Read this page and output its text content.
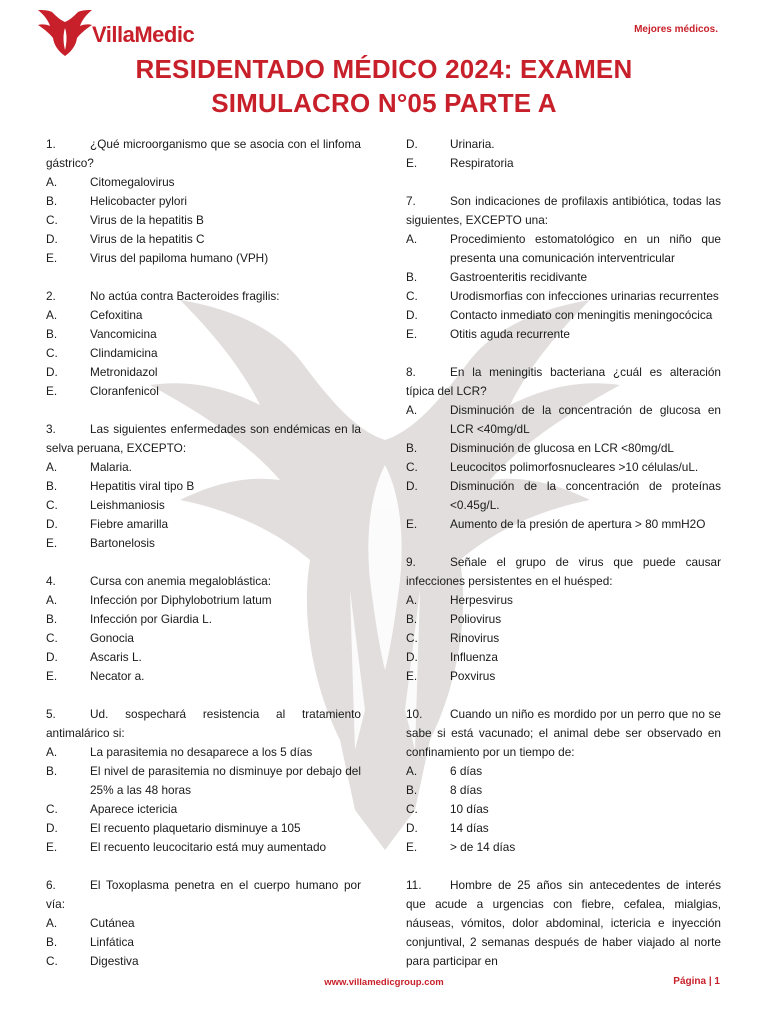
VillaMedic	Mejores médicos.
RESIDENTADO MÉDICO 2024: EXAMEN
SIMULACRO N°05 PARTE A
1.	¿Qué microorganismo que se asocia con el linfoma gástrico?
A.	Citomegalovirus
B.	Helicobacter pylori
C.	Virus de la hepatitis B
D.	Virus de la hepatitis C
E.	Virus del papiloma humano (VPH)
2.	No actúa contra Bacteroides fragilis:
A.	Cefoxitina
B.	Vancomicina
C.	Clindamicina
D.	Metronidazol
E.	Cloranfenicol
3.	Las siguientes enfermedades son endémicas en la selva peruana, EXCEPTO:
A.	Malaria.
B.	Hepatitis viral tipo B
C.	Leishmaniosis
D.	Fiebre amarilla
E.	Bartonelosis
4.	Cursa con anemia megaloblástica:
A.	Infección por Diphylobotrium latum
B.	Infección por Giardia L.
C.	Gonocia
D.	Ascaris L.
E.	Necator a.
5.	Ud. sospechará resistencia al tratamiento antimalárico si:
A.	La parasitemia no desaparece a los 5 días
B.	El nivel de parasitemia no disminuye por debajo del 25% a las 48 horas
C.	Aparece ictericia
D.	El recuento plaquetario disminuye a 105
E.	El recuento leucocitario está muy aumentado
6.	El Toxoplasma penetra en el cuerpo humano por vía:
A.	Cutánea
B.	Linfática
C.	Digestiva
D.	Urinaria.
E.	Respiratoria
7.	Son indicaciones de profilaxis antibiótica, todas las siguientes, EXCEPTO una:
A.	Procedimiento estomatológico en un niño que presenta una comunicación interventricular
B.	Gastroenteritis recidivante
C.	Urodismorfias con infecciones urinarias recurrentes
D.	Contacto inmediato con meningitis meningocócica
E.	Otitis aguda recurrente
8.	En la meningitis bacteriana ¿cuál es alteración típica del LCR?
A.	Disminución de la concentración de glucosa en LCR <40mg/dL
B.	Disminución de glucosa en LCR <80mg/dL
C.	Leucocitos polimorfosnucleares >10 células/uL.
D.	Disminución de la concentración de proteínas <0.45g/L.
E.	Aumento de la presión de apertura > 80 mmH2O
9.	Señale el grupo de virus que puede causar infecciones persistentes en el huésped:
A.	Herpesvirus
B.	Poliovirus
C.	Rinovirus
D.	Influenza
E.	Poxvirus
10. Cuando un niño es mordido por un perro que no se sabe si está vacunado; el animal debe ser observado en confinamiento por un tiempo de:
A.	6 días
B.	8 días
C.	10 días
D.	14 días
E.	> de 14 días
11. Hombre de 25 años sin antecedentes de interés que acude a urgencias con fiebre, cefalea, mialgias, náuseas, vómitos, dolor abdominal, ictericia e inyección conjuntival, 2 semanas después de haber viajado al norte para participar en
www.villamedicgroup.com	Página | 1
